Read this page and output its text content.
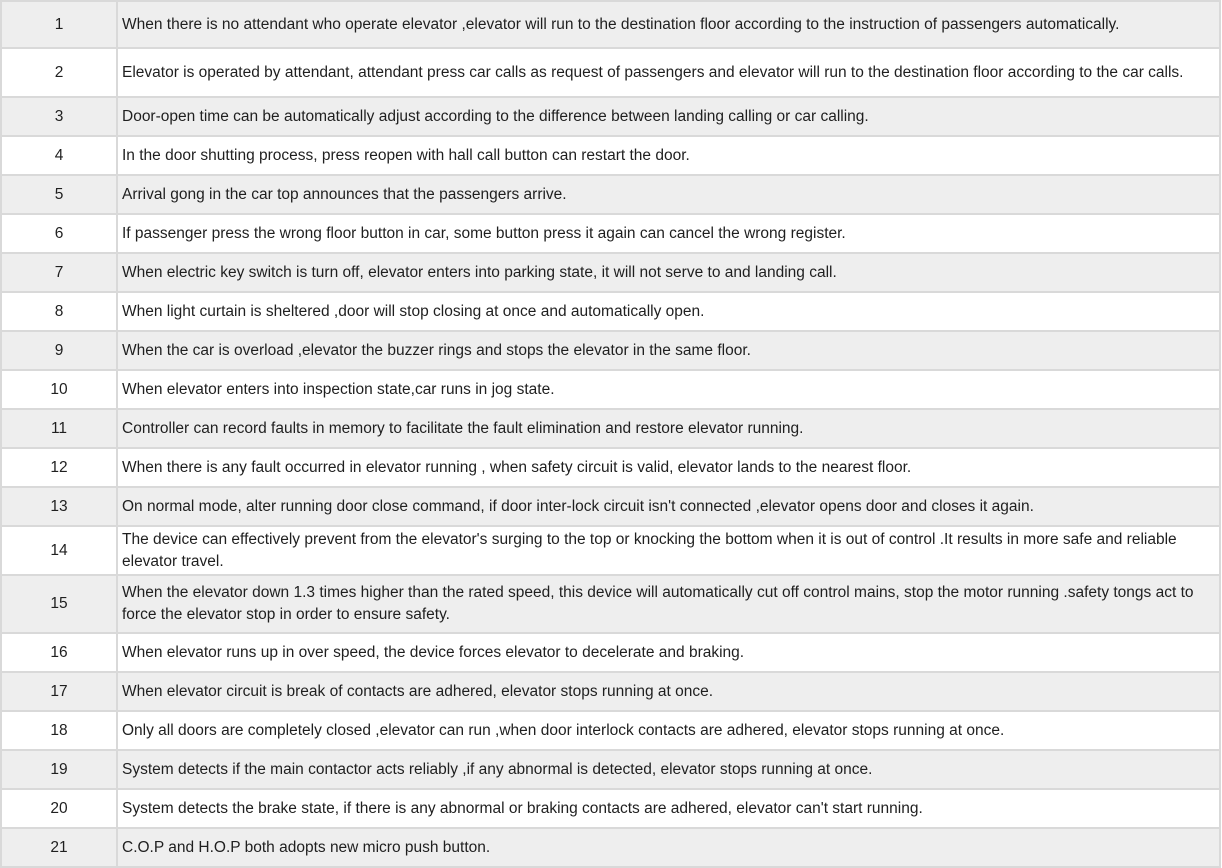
1	When there is no attendant who operate elevator ,elevator will run to the destination floor according to the instruction of passengers automatically.
2	Elevator is operated by attendant, attendant press car calls as request of passengers and elevator will run to the destination floor according to the car calls.
3	Door-open time can be automatically adjust according to the difference between landing calling or car calling.
4	In the door shutting process, press reopen with hall call button can restart the door.
5	Arrival gong in the car top announces that the passengers arrive.
6	If passenger press the wrong floor button in car, some button press it again can cancel the wrong register.
7	When electric key switch is turn off, elevator enters into parking state, it will not serve to and landing call.
8	When light curtain is sheltered ,door will stop closing at once and automatically open.
9	When the car is overload ,elevator the buzzer rings and stops the elevator in the same floor.
10	When elevator enters into inspection state,car runs in jog state.
11	Controller can record faults in memory to facilitate the fault elimination and restore elevator running.
12	When there is any fault occurred in elevator running , when safety circuit is valid, elevator lands to the nearest floor.
13	On normal mode, alter running door close command, if door inter-lock circuit isn't connected ,elevator opens door and closes it again.
14	The device can effectively prevent from the elevator's surging to the top or knocking the bottom when it is out of control .It results in more safe and reliable elevator travel.
15	When the elevator down 1.3 times higher than the rated speed, this device will automatically cut off control mains, stop the motor running .safety tongs act to force the elevator stop in order to ensure safety.
16	When elevator runs up in over speed, the device forces elevator to decelerate and braking.
17	When elevator circuit is break of contacts are adhered, elevator stops running at once.
18	Only all doors are completely closed ,elevator can run ,when door interlock contacts are adhered, elevator stops running at once.
19	System detects if the main contactor acts reliably ,if any abnormal is detected, elevator stops running at once.
20	System detects the brake state, if there is any abnormal or braking contacts are adhered, elevator can't start running.
21	C.O.P and H.O.P both adopts new micro push button.
